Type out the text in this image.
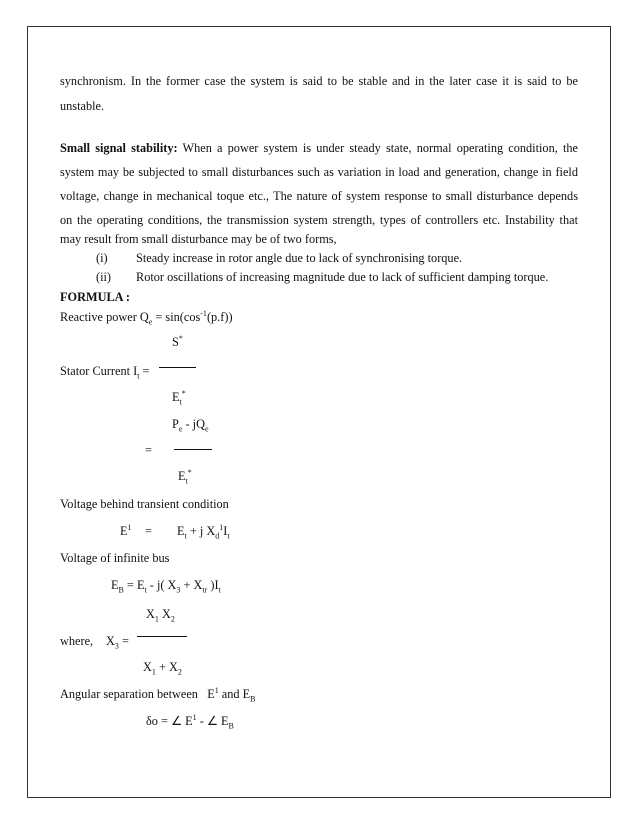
synchronism. In the former case the system is said to be stable and in the later case it is said to be
unstable.
Small signal stability: When a power system is under steady state, normal operating condition, the
system may be subjected to small disturbances such as variation in load and generation, change in field
voltage, change in mechanical toque etc., The nature of system response to small disturbance depends
on the operating conditions, the transmission system strength, types of controllers etc. Instability that
may result from small disturbance may be of two forms,
(i) Steady increase in rotor angle due to lack of synchronising torque.
(ii) Rotor oscillations of increasing magnitude due to lack of sufficient damping torque.
FORMULA :
Reactive power $Q_e = \sin(\cos^{-1}(p.f))$
S*
Stator Current $I_t$ =
$E_t^*$
$P_e - jQ_e$
=
$E_t^*$
Voltage behind transient condition
$E^1 = E_t + j$ $X_d^1I_t$
Voltage of infinite bus
$E_B = E_t - j$( $X_3 + X_{tr}$ )$I_t$
$X_1$ $X_2$
where, $X_3$ =
$X_1 + X_2$
Angular separation between $E^1$ and $E_B$
δo = ∠ $E^1$ - ∠ $E_B$
